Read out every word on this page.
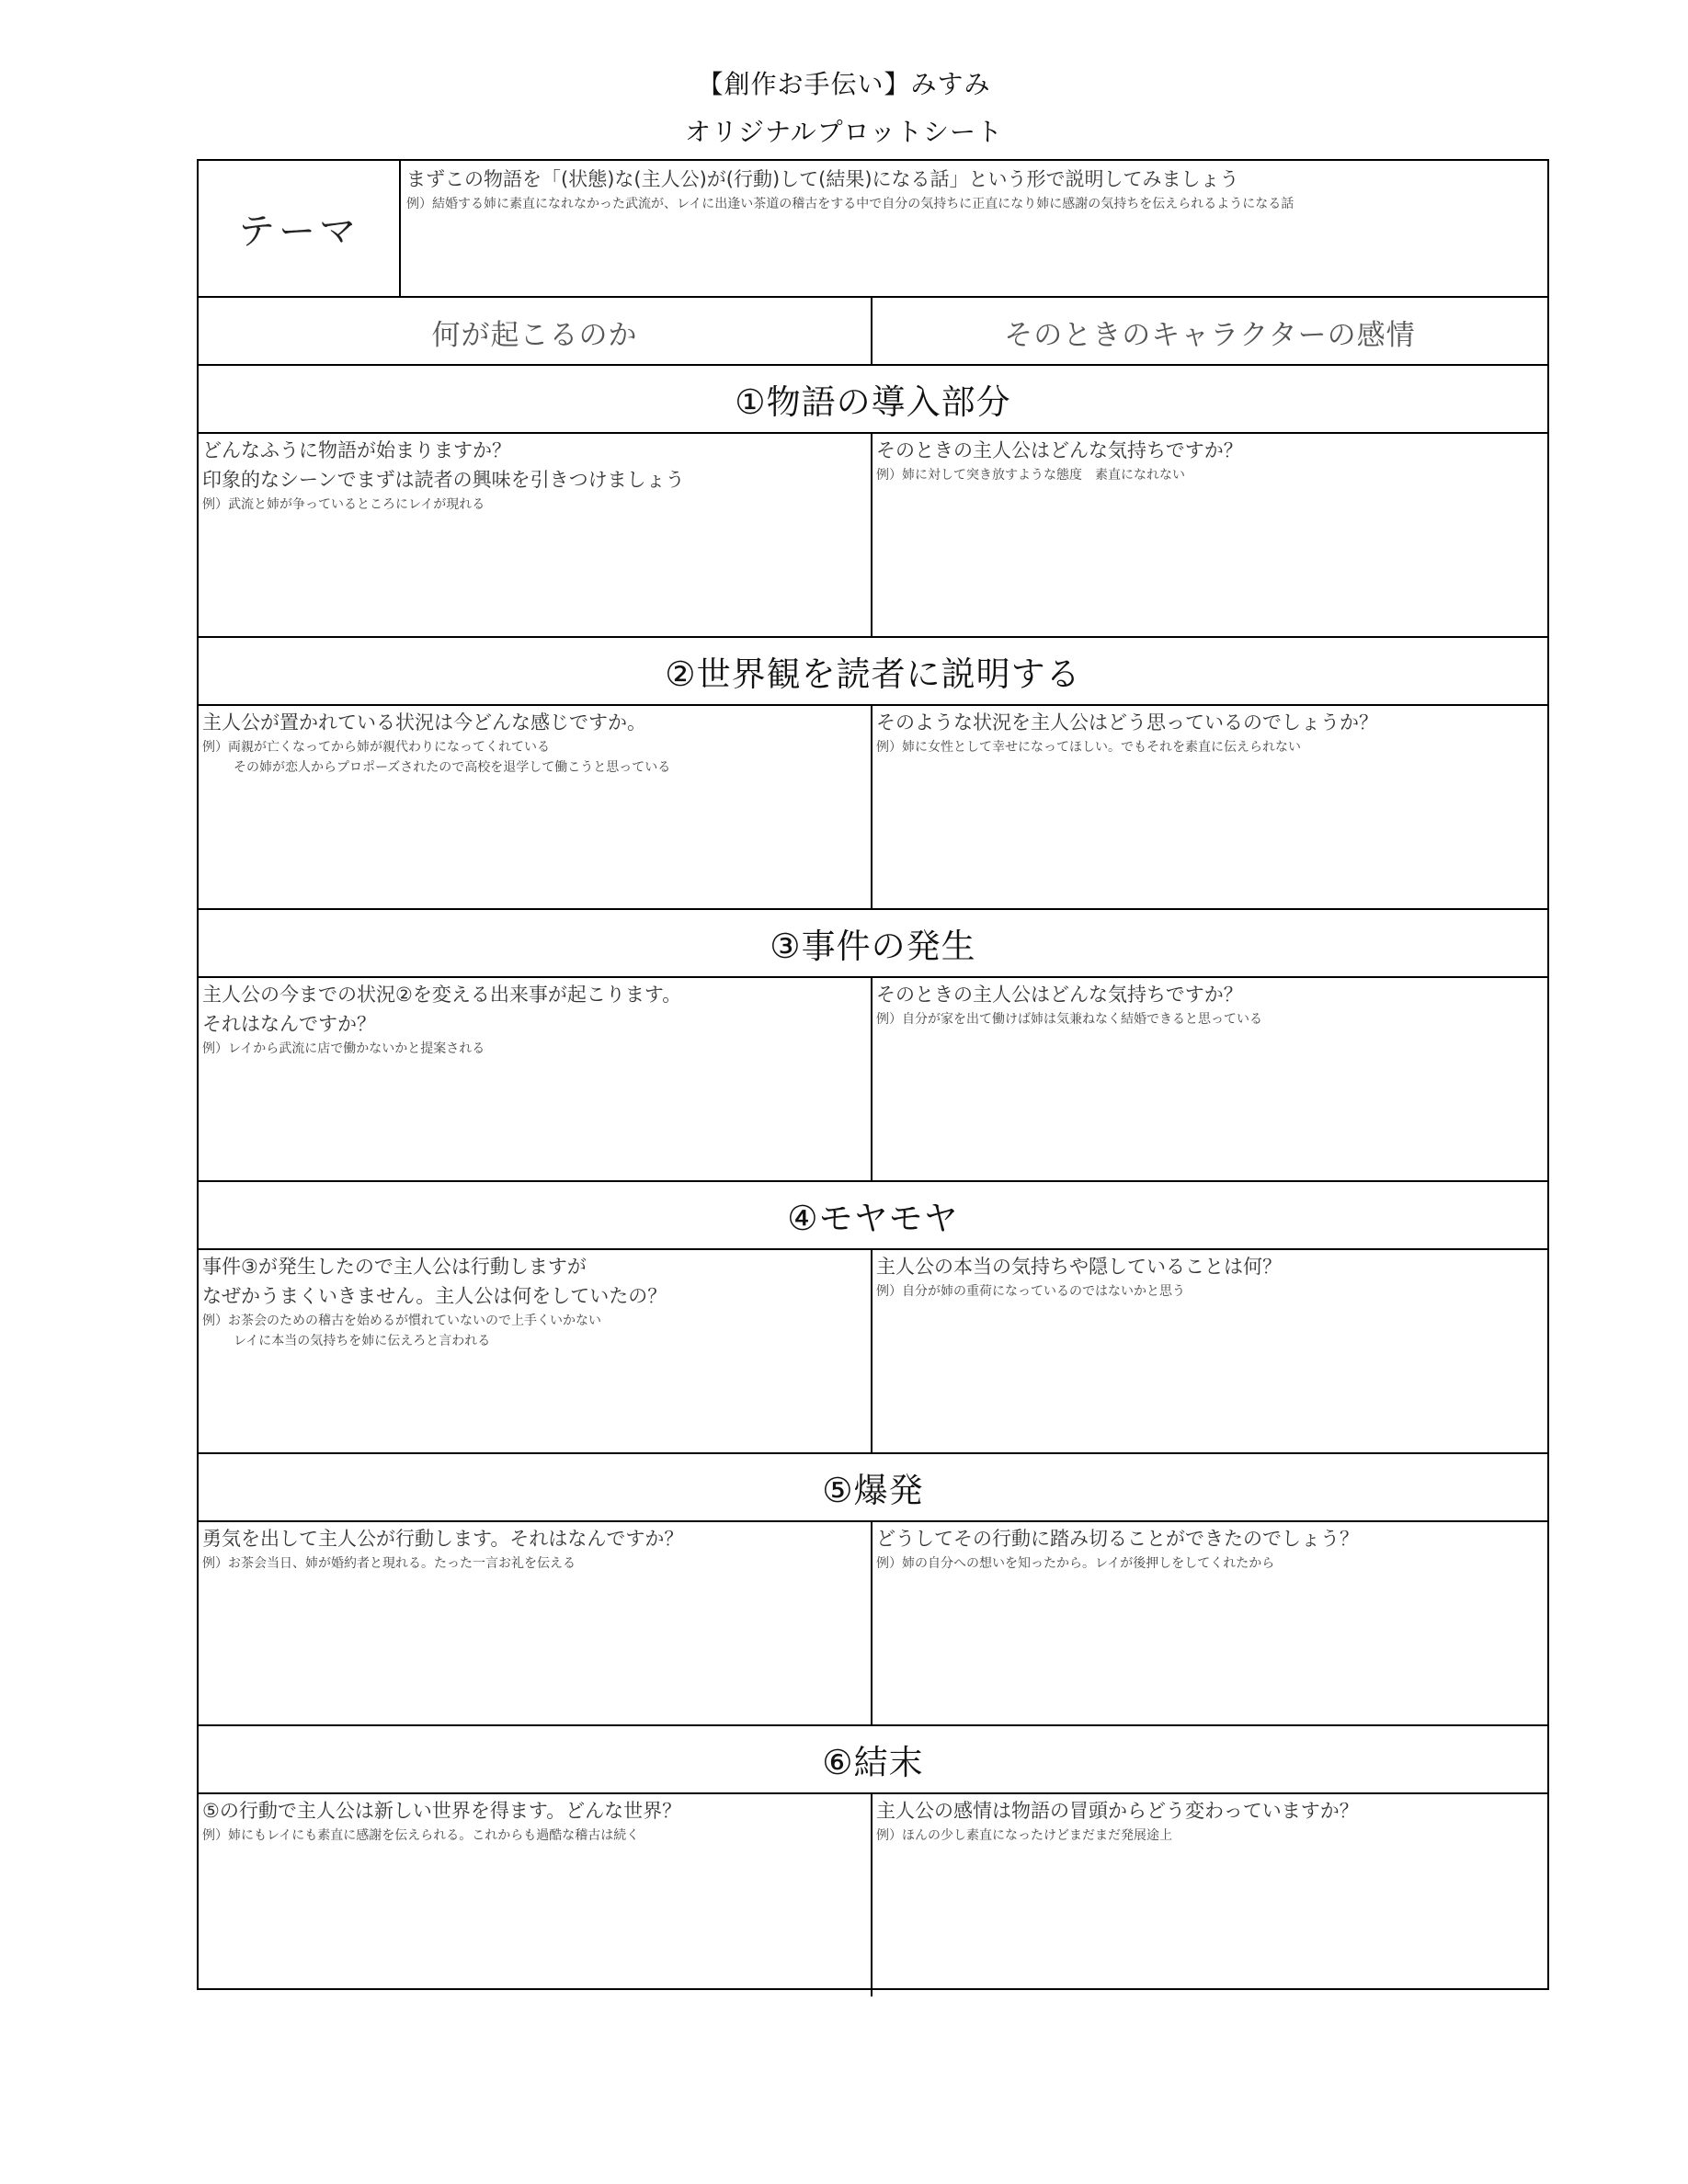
【創作お手伝い】みすみ
オリジナルプロットシート
テーマ
まずこの物語を「(状態)な(主人公)が(行動)して(結果)になる話」という形で説明してみましょう
例）結婚する姉に素直になれなかった武流が、レイに出逢い茶道の稽古をする中で自分の気持ちに正直になり姉に感謝の気持ちを伝えられるようになる話
何が起こるのか	そのときのキャラクターの感情
①物語の導入部分
どんなふうに物語が始まりますか？
印象的なシーンでまずは読者の興味を引きつけましょう
例）武流と姉が争っているところにレイが現れる
そのときの主人公はどんな気持ちですか？
例）姉に対して突き放すような態度　素直になれない
②世界観を読者に説明する
主人公が置かれている状況は今どんな感じですか。
例）両親が亡くなってから姉が親代わりになってくれている
その姉が恋人からプロポーズされたので高校を退学して働こうと思っている
そのような状況を主人公はどう思っているのでしょうか？
例）姉に女性として幸せになってほしい。でもそれを素直に伝えられない
③事件の発生
主人公の今までの状況②を変える出来事が起こります。
それはなんですか？
例）レイから武流に店で働かないかと提案される
そのときの主人公はどんな気持ちですか？
例）自分が家を出て働けば姉は気兼ねなく結婚できると思っている
④モヤモヤ
事件③が発生したので主人公は行動しますが
なぜかうまくいきません。主人公は何をしていたの？
例）お茶会のための稽古を始めるが慣れていないので上手くいかない
レイに本当の気持ちを姉に伝えろと言われる
主人公の本当の気持ちや隠していることは何？
例）自分が姉の重荷になっているのではないかと思う
⑤爆発
勇気を出して主人公が行動します。それはなんですか？
例）お茶会当日、姉が婚約者と現れる。たった一言お礼を伝える
どうしてその行動に踏み切ることができたのでしょう？
例）姉の自分への想いを知ったから。レイが後押しをしてくれたから
⑥結末
⑤の行動で主人公は新しい世界を得ます。どんな世界？
例）姉にもレイにも素直に感謝を伝えられる。これからも過酷な稽古は続く
主人公の感情は物語の冒頭からどう変わっていますか？
例）ほんの少し素直になったけどまだまだ発展途上
